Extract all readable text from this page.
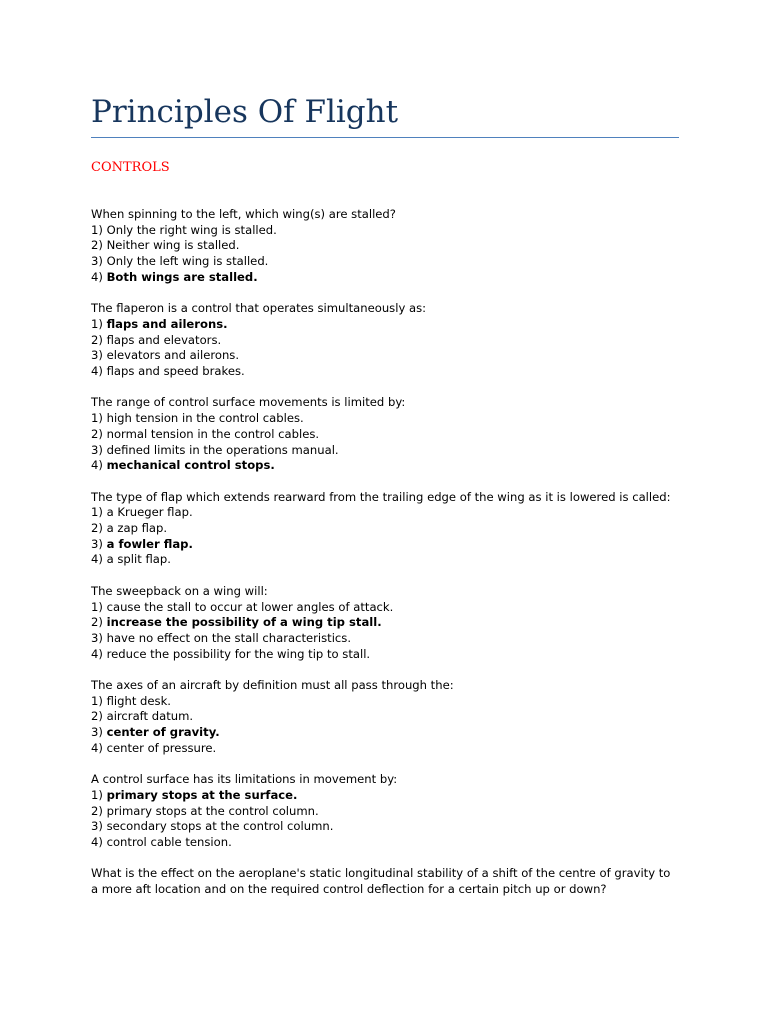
Principles Of Flight
CONTROLS

When spinning to the left, which wing(s) are stalled?

1) Only the right wing is stalled.
2) Neither wing is stalled.
3) Only the left wing is stalled.
4) Both wings are stalled.

The flaperon is a control that operates simultaneously as:

1) flaps and ailerons.
2) flaps and elevators.
3) elevators and ailerons.
4) flaps and speed brakes.

The range of control surface movements is limited by:

1) high tension in the control cables.
2) normal tension in the control cables.
3) defined limits in the operations manual.
4) mechanical control stops.

The type of flap which extends rearward from the trailing edge of the wing as it is lowered is called:

1) a Krueger flap.
2) a zap flap.
3) a fowler flap.
4) a split flap.

The sweepback on a wing will:

1) cause the stall to occur at lower angles of attack.
2) increase the possibility of a wing tip stall.
3) have no effect on the stall characteristics.
4) reduce the possibility for the wing tip to stall.

The axes of an aircraft by definition must all pass through the:

1) flight desk.
2) aircraft datum.
3) center of gravity.
4) center of pressure.

A control surface has its limitations in movement by:

1) primary stops at the surface.
2) primary stops at the control column.
3) secondary stops at the control column.
4) control cable tension.

What is the effect on the aeroplane's static longitudinal stability of a shift of the centre of gravity to a more aft location and on the required control deflection for a certain pitch up or down?
